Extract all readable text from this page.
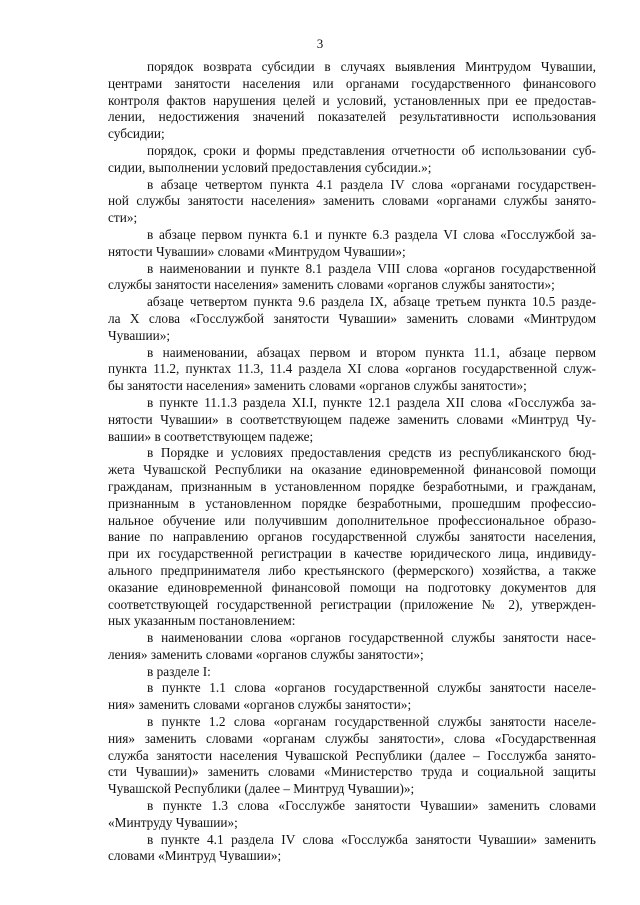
3
порядок возврата субсидии в случаях выявления Минтрудом Чувашии,
центрами занятости населения или органами государственного финансового
контроля фактов нарушения целей и условий, установленных при ее предостав-
лении, недостижения значений показателей результативности использования
субсидии;
порядок, сроки и формы представления отчетности об использовании суб-
сидии, выполнении условий предоставления субсидии.»;
в абзаце четвертом пункта 4.1 раздела IV слова «органами государствен-
ной службы занятости населения» заменить словами «органами службы занято-
сти»;
в абзаце первом пункта 6.1 и пункте 6.3 раздела VI слова «Госслужбой за-
нятости Чувашии» словами «Минтрудом Чувашии»;
в наименовании и пункте 8.1 раздела VIII слова «органов государственной
службы занятости населения» заменить словами «органов службы занятости»;
абзаце четвертом пункта 9.6 раздела IX, абзаце третьем пункта 10.5 разде-
ла X слова «Госслужбой занятости Чувашии» заменить словами «Минтрудом
Чувашии»;
в наименовании, абзацах первом и втором пункта 11.1, абзаце первом
пункта 11.2, пунктах 11.3, 11.4 раздела XI слова «органов государственной служ-
бы занятости населения» заменить словами «органов службы занятости»;
в пункте 11.1.3 раздела XI.I, пункте 12.1 раздела XII слова «Госслужба за-
нятости Чувашии» в соответствующем падеже заменить словами «Минтруд Чу-
вашии» в соответствующем падеже;
в Порядке и условиях предоставления средств из республиканского бюд-
жета Чувашской Республики на оказание единовременной финансовой помощи
гражданам, признанным в установленном порядке безработными, и гражданам,
признанным в установленном порядке безработными, прошедшим профессио-
нальное обучение или получившим дополнительное профессиональное образо-
вание по направлению органов государственной службы занятости населения,
при их государственной регистрации в качестве юридического лица, индивиду-
ального предпринимателя либо крестьянского (фермерского) хозяйства, а также
оказание единовременной финансовой помощи на подготовку документов для
соответствующей государственной регистрации (приложение № 2), утвержден-
ных указанным постановлением:
в наименовании слова «органов государственной службы занятости насе-
ления» заменить словами «органов службы занятости»;
в разделе I:
в пункте 1.1 слова «органов государственной службы занятости населе-
ния» заменить словами «органов службы занятости»;
в пункте 1.2 слова «органам государственной службы занятости населе-
ния» заменить словами «органам службы занятости», слова «Государственная
служба занятости населения Чувашской Республики (далее – Госслужба занято-
сти Чувашии)» заменить словами «Министерство труда и социальной защиты
Чувашской Республики (далее – Минтруд Чувашии)»;
в пункте 1.3 слова «Госслужбе занятости Чувашии» заменить словами
«Минтруду Чувашии»;
в пункте 4.1 раздела IV слова «Госслужба занятости Чувашии» заменить
словами «Минтруд Чувашии»;
